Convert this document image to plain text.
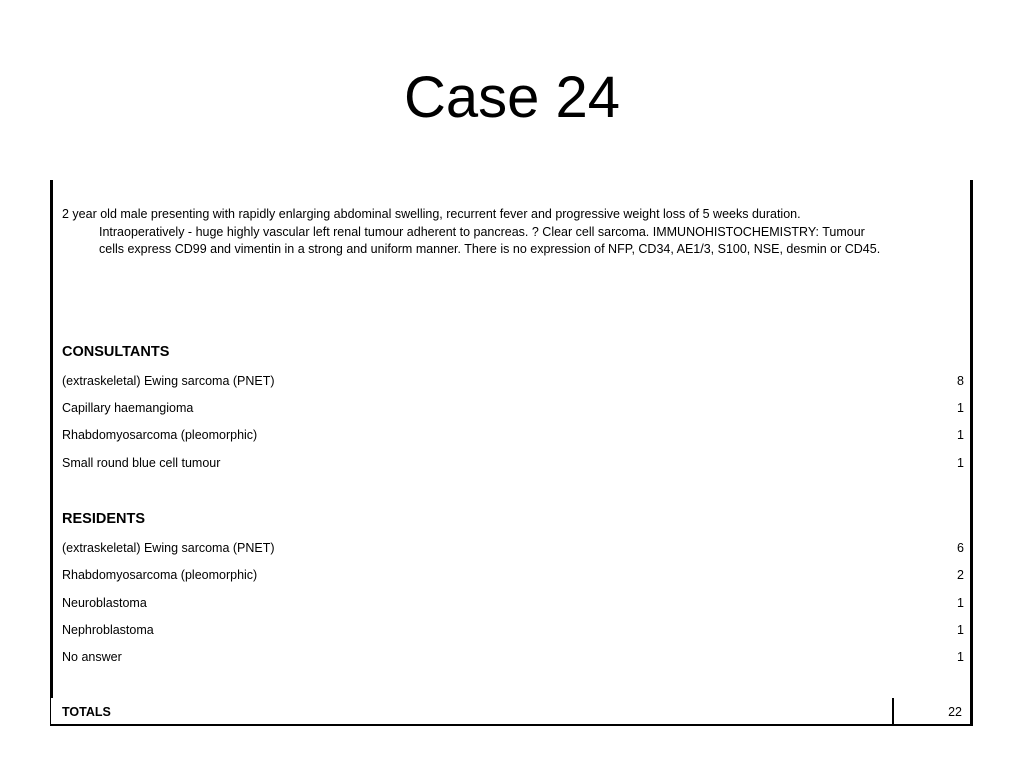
Case 24

2 year old male presenting with rapidly enlarging abdominal swelling, recurrent fever and progressive weight loss of 5 weeks duration. Intraoperatively - huge highly vascular left renal tumour adherent to pancreas. ? Clear cell sarcoma. IMMUNOHISTOCHEMISTRY: Tumour cells express CD99 and vimentin in a strong and uniform manner. There is no expression of NFP, CD34, AE1/3, S100, NSE, desmin or CD45.

CONSULTANTS
(extraskeletal) Ewing sarcoma (PNET)	8
Capillary haemangioma	1
Rhabdomyosarcoma (pleomorphic)	1
Small round blue cell tumour	1
RESIDENTS
(extraskeletal) Ewing sarcoma (PNET)	6
Rhabdomyosarcoma (pleomorphic)	2
Neuroblastoma	1
Nephroblastoma	1
No answer	1
TOTALS	22
